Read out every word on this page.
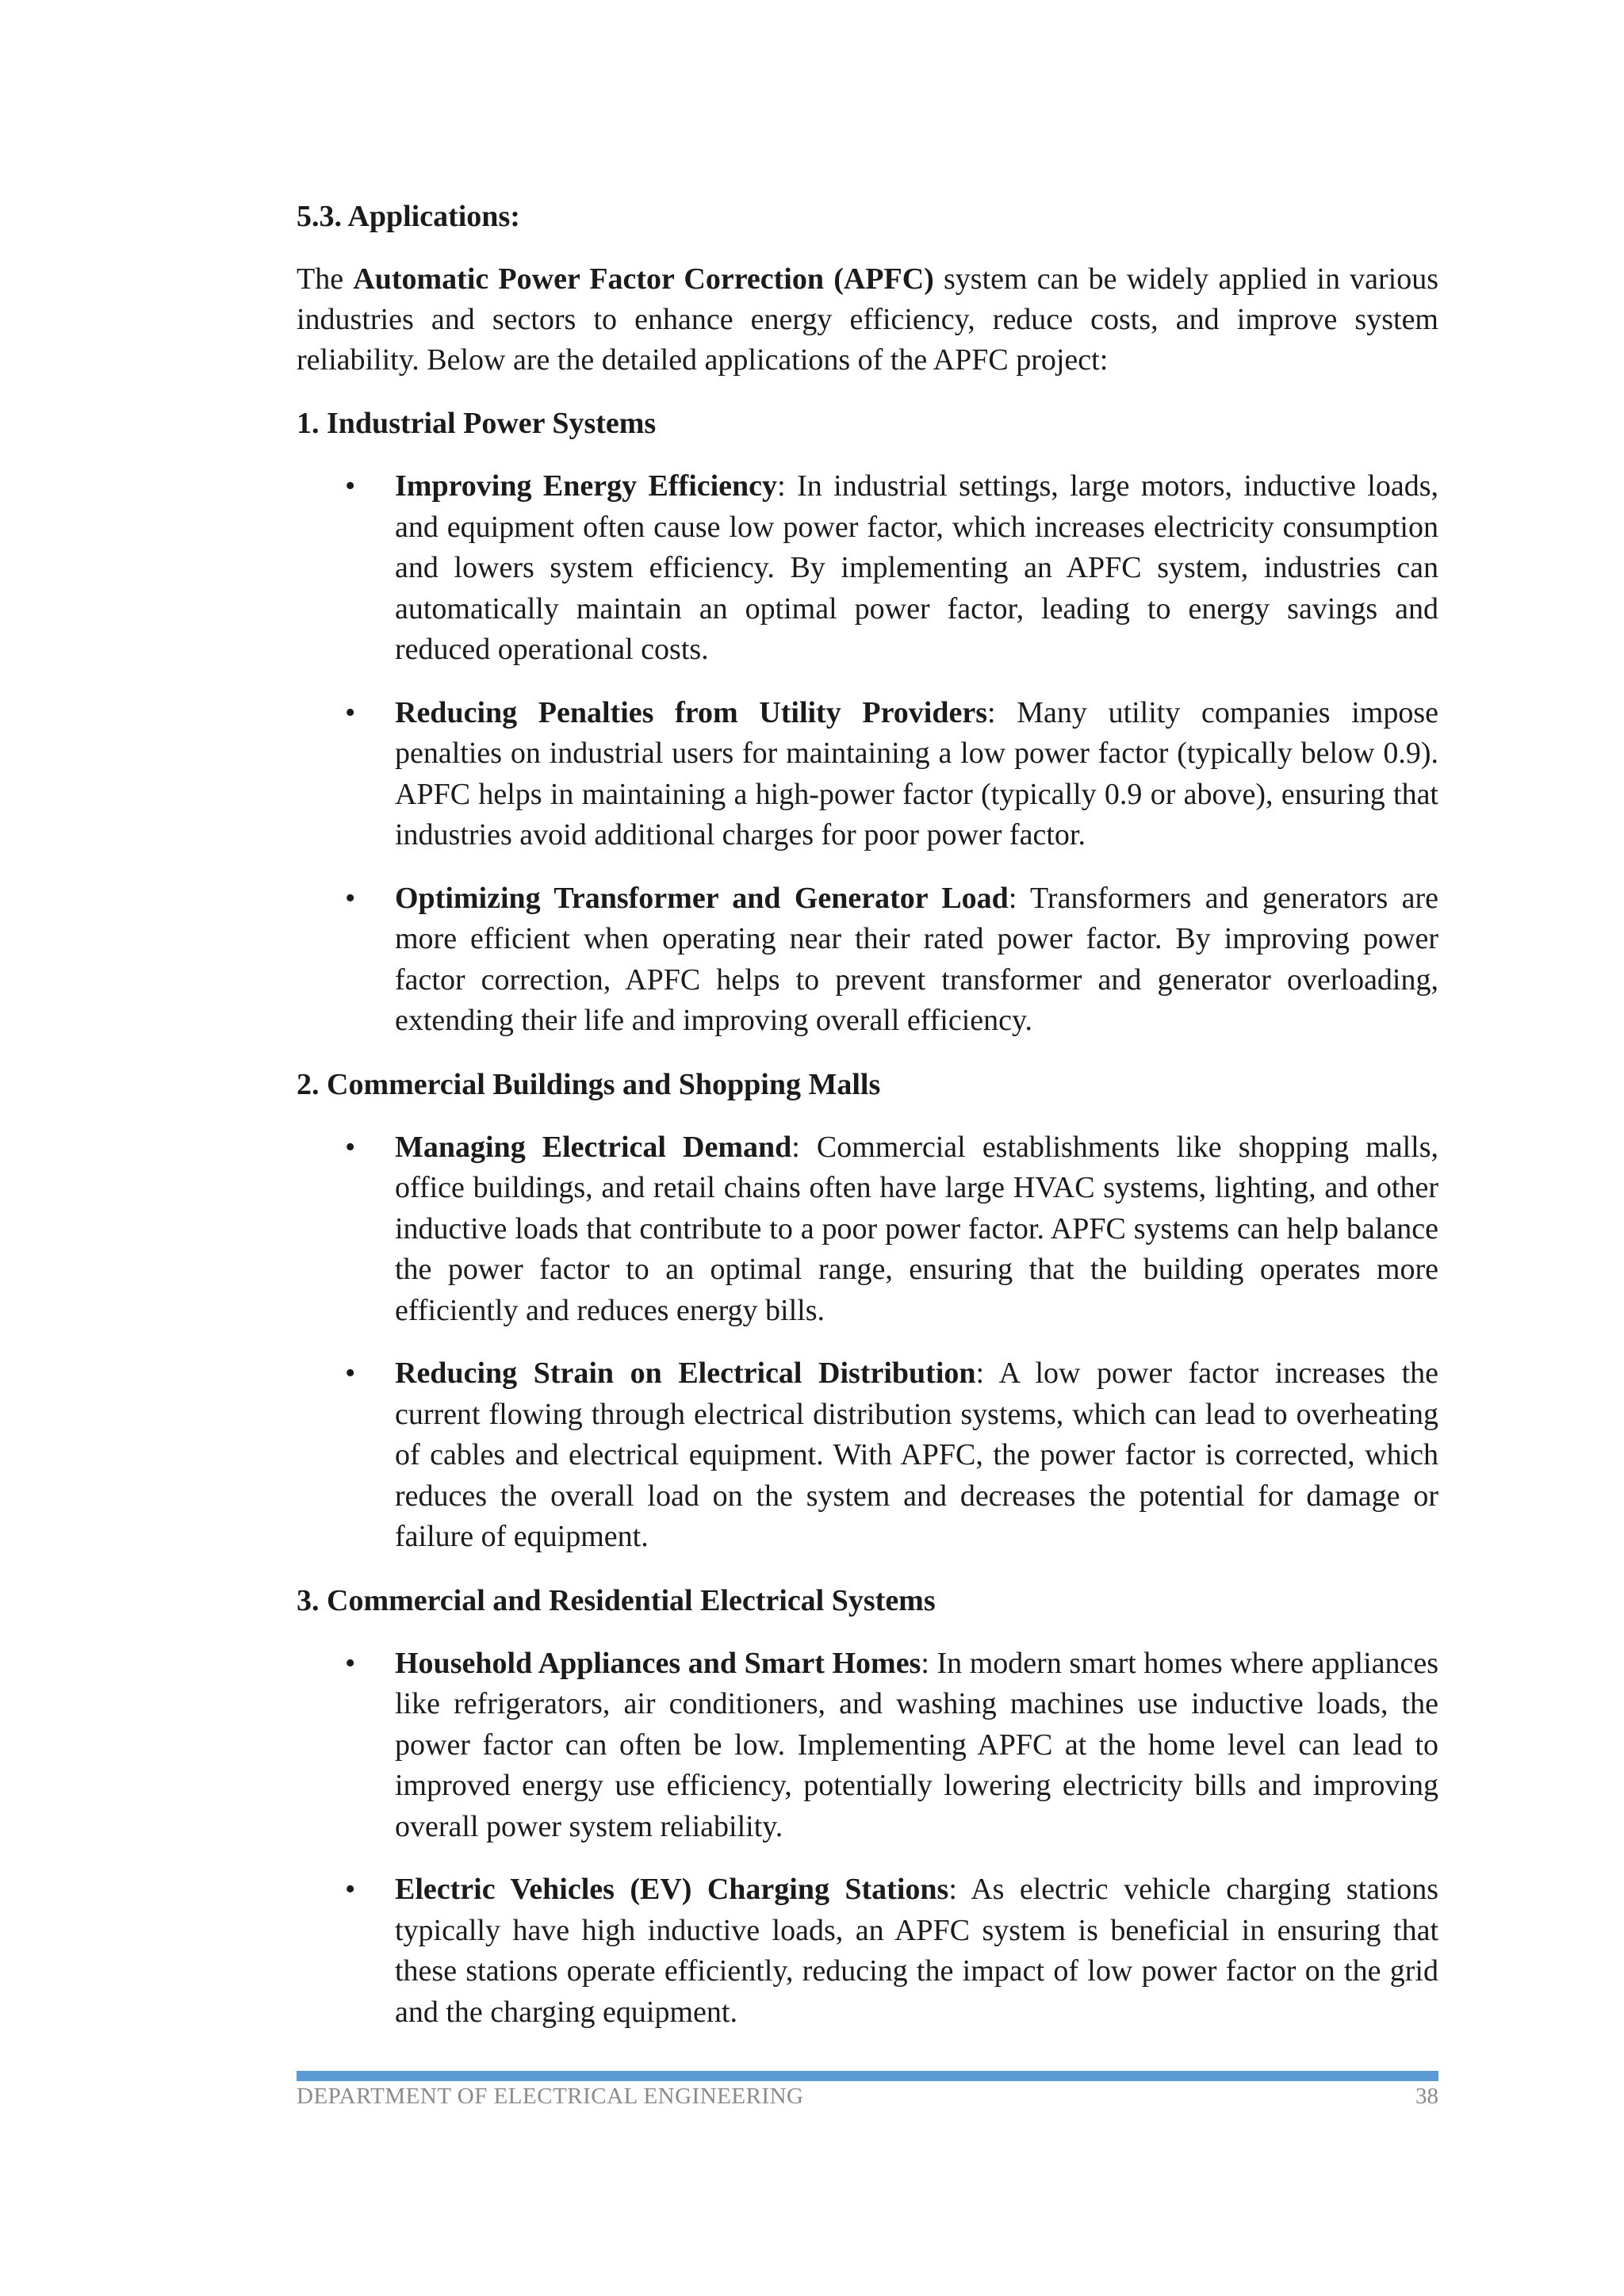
5.3. Applications:

The Automatic Power Factor Correction (APFC) system can be widely applied in various industries and sectors to enhance energy efficiency, reduce costs, and improve system reliability. Below are the detailed applications of the APFC project:

1. Industrial Power Systems
• Improving Energy Efficiency: In industrial settings, large motors, inductive loads, and equipment often cause low power factor, which increases electricity consumption and lowers system efficiency. By implementing an APFC system, industries can automatically maintain an optimal power factor, leading to energy savings and reduced operational costs.
• Reducing Penalties from Utility Providers: Many utility companies impose penalties on industrial users for maintaining a low power factor (typically below 0.9). APFC helps in maintaining a high-power factor (typically 0.9 or above), ensuring that industries avoid additional charges for poor power factor.
• Optimizing Transformer and Generator Load: Transformers and generators are more efficient when operating near their rated power factor. By improving power factor correction, APFC helps to prevent transformer and generator overloading, extending their life and improving overall efficiency.
2. Commercial Buildings and Shopping Malls
• Managing Electrical Demand: Commercial establishments like shopping malls, office buildings, and retail chains often have large HVAC systems, lighting, and other inductive loads that contribute to a poor power factor. APFC systems can help balance the power factor to an optimal range, ensuring that the building operates more efficiently and reduces energy bills.
• Reducing Strain on Electrical Distribution: A low power factor increases the current flowing through electrical distribution systems, which can lead to overheating of cables and electrical equipment. With APFC, the power factor is corrected, which reduces the overall load on the system and decreases the potential for damage or failure of equipment.
3. Commercial and Residential Electrical Systems
• Household Appliances and Smart Homes: In modern smart homes where appliances like refrigerators, air conditioners, and washing machines use inductive loads, the power factor can often be low. Implementing APFC at the home level can lead to improved energy use efficiency, potentially lowering electricity bills and improving overall power system reliability.
• Electric Vehicles (EV) Charging Stations: As electric vehicle charging stations typically have high inductive loads, an APFC system is beneficial in ensuring that these stations operate efficiently, reducing the impact of low power factor on the grid and the charging equipment.
DEPARTMENT OF ELECTRICAL ENGINEERING	38
